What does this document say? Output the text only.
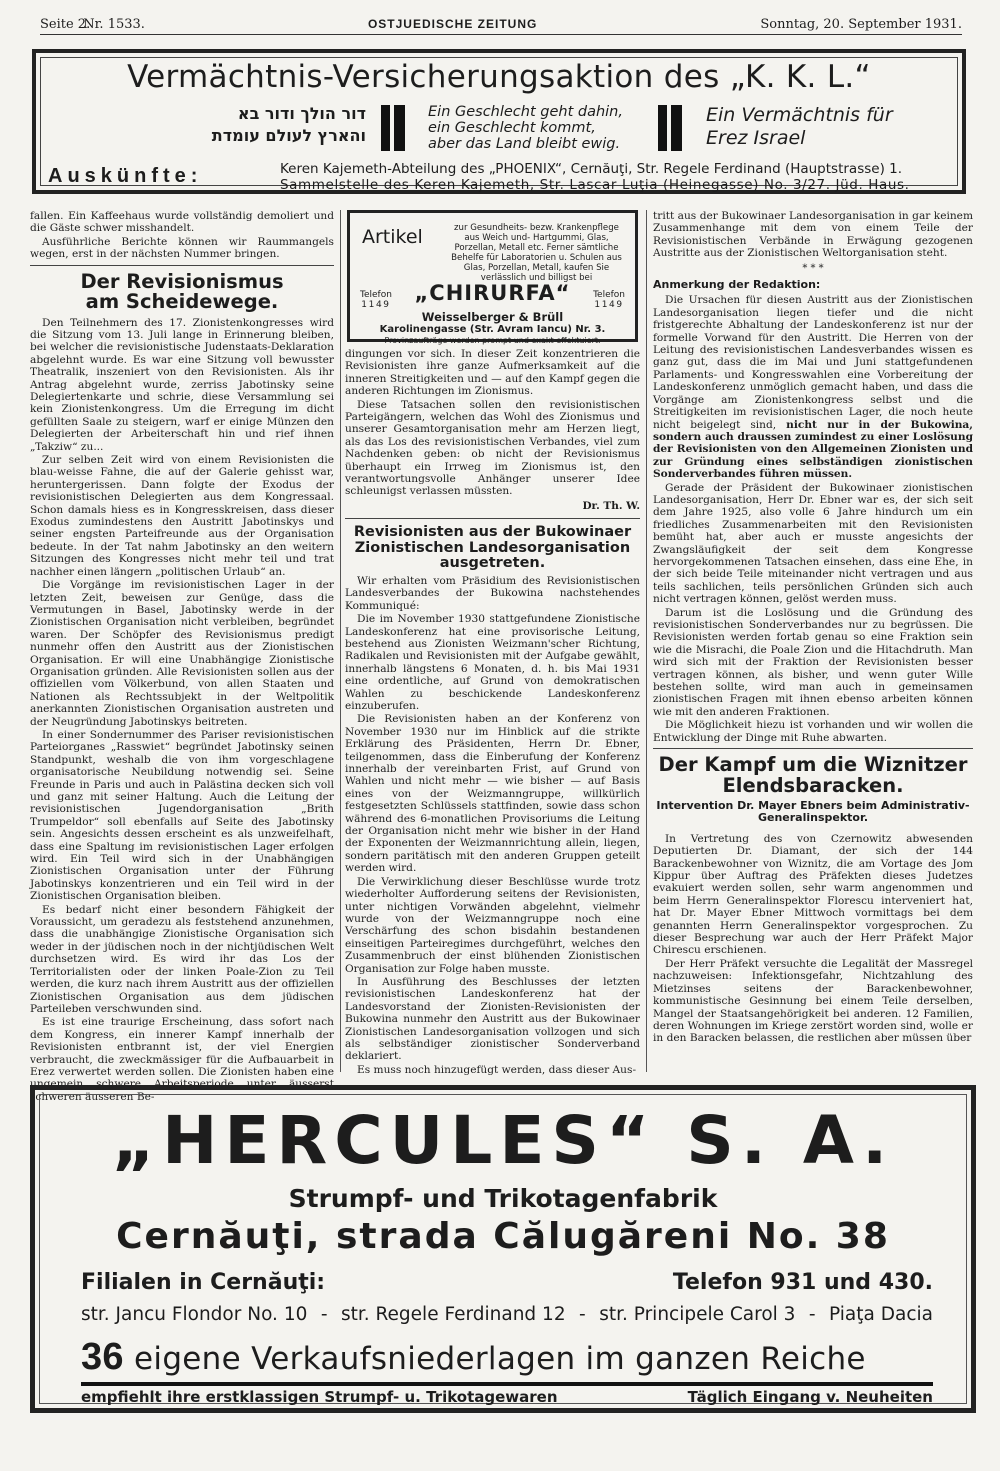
Seite 2.
Nr. 1533.	OSTJUEDISCHE ZEITUNG	Sonntag, 20. September 1931.
Vermächtnis-Versicherungsaktion des „K. K. L.“
דור הולך ודור בא
והארץ לעולם עומדת
Ein Geschlecht geht dahin,
ein Geschlecht kommt,
aber das Land bleibt ewig.
Ein Vermächtnis für
Erez Israel
Auskünfte:	Keren Kajemeth-Abteilung des „PHOENIX“, Cernăuţi, Str. Regele Ferdinand (Hauptstrasse) 1.
Sammelstelle des Keren Kajemeth, Str. Lascar Luţia (Heinegasse) No. 3/27. Jüd. Haus.

fallen. Ein Kaffeehaus wurde vollständig demoliert und die Gäste schwer misshandelt.

Ausführliche Berichte können wir Raummangels wegen, erst in der nächsten Nummer bringen.

Der Revisionismus
am Scheidewege.

Den Teilnehmern des 17. Zionistenkongresses wird die Sitzung vom 13. Juli lange in Erinnerung bleiben, bei welcher die revisionistische Judenstaats-Deklaration abgelehnt wurde. Es war eine Sitzung voll bewusster Theatralik, inszeniert von den Revisionisten. Als ihr Antrag abgelehnt wurde, zerriss Jabotinsky seine Delegiertenkarte und schrie, diese Versammlung sei kein Zionistenkongress. Um die Erregung im dicht gefüllten Saale zu steigern, warf er einige Münzen den Delegierten der Arbeiterschaft hin und rief ihnen „Takziw“ zu...

Zur selben Zeit wird von einem Revisionisten die blau-weisse Fahne, die auf der Galerie gehisst war, heruntergerissen. Dann folgte der Exodus der revisionistischen Delegierten aus dem Kongressaal. Schon damals hiess es in Kongresskreisen, dass dieser Exodus zumindestens den Austritt Jabotinskys und seiner engsten Parteifreunde aus der Organisation bedeute. In der Tat nahm Jabotinsky an den weitern Sitzungen des Kongresses nicht mehr teil und trat nachher einen längern „politischen Urlaub“ an.

Die Vorgänge im revisionistischen Lager in der letzten Zeit, beweisen zur Genüge, dass die Vermutungen in Basel, Jabotinsky werde in der Zionistischen Organisation nicht verbleiben, begründet waren. Der Schöpfer des Revisionismus predigt nunmehr offen den Austritt aus der Zionistischen Organisation. Er will eine Unabhängige Zionistische Organisation gründen. Alle Revisionisten sollen aus der offiziellen vom Völkerbund, von allen Staaten und Nationen als Rechtssubjekt in der Weltpolitik anerkannten Zionistischen Organisation austreten und der Neugründung Jabotinskys beitreten.

In einer Sondernummer des Pariser revisionistischen Parteiorganes „Rasswiet“ begründet Jabotinsky seinen Standpunkt, weshalb die von ihm vorgeschlagene organisatorische Neubildung notwendig sei. Seine Freunde in Paris und auch in Palästina decken sich voll und ganz mit seiner Haltung. Auch die Leitung der revisionistischen Jugendorganisation „Brith Trumpeldor“ soll ebenfalls auf Seite des Jabotinsky sein. Angesichts dessen erscheint es als unzweifelhaft, dass eine Spaltung im revisionistischen Lager erfolgen wird. Ein Teil wird sich in der Unabhängigen Zionistischen Organisation unter der Führung Jabotinskys konzentrieren und ein Teil wird in der Zionistischen Organisation bleiben.

Es bedarf nicht einer besondern Fähigkeit der Voraussicht, um geradezu als feststehend anzunehmen, dass die unabhängige Zionistische Organisation sich weder in der jüdischen noch in der nichtjüdischen Welt durchsetzen wird. Es wird ihr das Los der Territorialisten oder der linken Poale-Zion zu Teil werden, die kurz nach ihrem Austritt aus der offiziellen Zionistischen Organisation aus dem jüdischen Parteileben verschwunden sind.

Es ist eine traurige Erscheinung, dass sofort nach dem Kongress, ein innerer Kampf innerhalb der Revisionisten entbrannt ist, der viel Energien verbraucht, die zweckmässiger für die Aufbauarbeit in Erez verwertet werden sollen. Die Zionisten haben eine ungemein schwere Arbeitsperiode unter äusserst schweren äusseren Be-

Artikel	zur Gesundheits- bezw. Krankenpflege aus Weich und- Hartgummi, Glas, Porzellan, Metall etc. Ferner sämtliche Behelfe für Laboratorien u. Schulen aus Glas, Porzellan, Metall, kaufen Sie verlässlich und billigst bei
Telefon
1149 „CHIRURFA“	Telefon
1149
Weisselberger & Brüll
Karolinengasse (Str. Avram Iancu) Nr. 3.
Provinzaufträge werden prompt und exakt effektuiert.

dingungen vor sich. In dieser Zeit konzentrieren die Revisionisten ihre ganze Aufmerksamkeit auf die inneren Streitigkeiten und — auf den Kampf gegen die anderen Richtungen im Zionismus.

Diese Tatsachen sollen den revisionistischen Parteigängern, welchen das Wohl des Zionismus und unserer Gesamtorganisation mehr am Herzen liegt, als das Los des revisionistischen Verbandes, viel zum Nachdenken geben: ob nicht der Revisionismus überhaupt ein Irrweg im Zionismus ist, den verantwortungsvolle Anhänger unserer Idee schleunigst verlassen müssten.

Dr. Th. W.
Revisionisten aus der Bukowinaer Zionistischen Landesorganisation ausgetreten.

Wir erhalten vom Präsidium des Revisionistischen Landesverbandes der Bukowina nachstehendes Kommuniqué:

Die im November 1930 stattgefundene Zionistische Landeskonferenz hat eine provisorische Leitung, bestehend aus Zionisten Weizmann'scher Richtung, Radikalen und Revisionisten mit der Aufgabe gewählt, innerhalb längstens 6 Monaten, d. h. bis Mai 1931 eine ordentliche, auf Grund von demokratischen Wahlen zu beschickende Landeskonferenz einzuberufen.

Die Revisionisten haben an der Konferenz von November 1930 nur im Hinblick auf die strikte Erklärung des Präsidenten, Herrn Dr. Ebner, teilgenommen, dass die Einberufung der Konferenz innerhalb der vereinbarten Frist, auf Grund von Wahlen und nicht mehr — wie bisher — auf Basis eines von der Weizmanngruppe, willkürlich festgesetzten Schlüssels stattfinden, sowie dass schon während des 6-monatlichen Provisoriums die Leitung der Organisation nicht mehr wie bisher in der Hand der Exponenten der Weizmannrichtung allein, liegen, sondern paritätisch mit den anderen Gruppen geteilt werden wird.

Die Verwirklichung dieser Beschlüsse wurde trotz wiederholter Aufforderung seitens der Revisionisten, unter nichtigen Vorwänden abgelehnt, vielmehr wurde von der Weizmanngruppe noch eine Verschärfung des schon bisdahin bestandenen einseitigen Parteiregimes durchgeführt, welches den Zusammenbruch der einst blühenden Zionistischen Organisation zur Folge haben musste.

In Ausführung des Beschlusses der letzten revisionistischen Landeskonferenz hat der Landesvorstand der Zionisten-Revisionisten der Bukowina nunmehr den Austritt aus der Bukowinaer Zionistischen Landesorganisation vollzogen und sich als selbständiger zionistischer Sonderverband deklariert.

Es muss noch hinzugefügt werden, dass dieser Aus-

tritt aus der Bukowinaer Landesorganisation in gar keinem Zusammenhange mit dem von einem Teile der Revisionistischen Verbände in Erwägung gezogenen Austritte aus der Zionistischen Weltorganisation steht.

* * *
Anmerkung der Redaktion:

Die Ursachen für diesen Austritt aus der Zionistischen Landesorganisation liegen tiefer und die nicht fristgerechte Abhaltung der Landeskonferenz ist nur der formelle Vorwand für den Austritt. Die Herren von der Leitung des revisionistischen Landesverbandes wissen es ganz gut, dass die im Mai und Juni stattgefundenen Parlaments- und Kongresswahlen eine Vorbereitung der Landeskonferenz unmöglich gemacht haben, und dass die Vorgänge am Zionistenkongress selbst und die Streitigkeiten im revisionistischen Lager, die noch heute nicht beigelegt sind, nicht nur in der Bukowina, sondern auch draussen zumindest zu einer Loslösung der Revisionisten von den Allgemeinen Zionisten und zur Gründung eines selbständigen zionistischen Sonderverbandes führen müssen.

Gerade der Präsident der Bukowinaer zionistischen Landesorganisation, Herr Dr. Ebner war es, der sich seit dem Jahre 1925, also volle 6 Jahre hindurch um ein friedliches Zusammenarbeiten mit den Revisionisten bemüht hat, aber auch er musste angesichts der Zwangsläufigkeit der seit dem Kongresse hervorgekommenen Tatsachen einsehen, dass eine Ehe, in der sich beide Teile miteinander nicht vertragen und aus teils sachlichen, teils persönlichen Gründen sich auch nicht vertragen können, gelöst werden muss.

Darum ist die Loslösung und die Gründung des revisionistischen Sonderverbandes nur zu begrüssen. Die Revisionisten werden fortab genau so eine Fraktion sein wie die Misrachi, die Poale Zion und die Hitachdruth. Man wird sich mit der Fraktion der Revisionisten besser vertragen können, als bisher, und wenn guter Wille bestehen sollte, wird man auch in gemeinsamen zionistischen Fragen mit ihnen ebenso arbeiten können wie mit den anderen Fraktionen.

Die Möglichkeit hiezu ist vorhanden und wir wollen die Entwicklung der Dinge mit Ruhe abwarten.

Der Kampf um die Wiznitzer Elendsbaracken.
Intervention Dr. Mayer Ebners beim Administrativ-Generalinspektor.

In Vertretung des von Czernowitz abwesenden Deputierten Dr. Diamant, der sich der 144 Barackenbewohner von Wiznitz, die am Vortage des Jom Kippur über Auftrag des Präfekten dieses Judetzes evakuiert werden sollen, sehr warm angenommen und beim Herrn Generalinspektor Florescu interveniert hat, hat Dr. Mayer Ebner Mittwoch vormittags bei dem genannten Herrn Generalinspektor vorgesprochen. Zu dieser Besprechung war auch der Herr Präfekt Major Chirescu erschienen.

Der Herr Präfekt versuchte die Legalität der Massregel nachzuweisen: Infektionsgefahr, Nichtzahlung des Mietzinses seitens der Barackenbewohner, kommunistische Gesinnung bei einem Teile derselben, Mangel der Staatsangehörigkeit bei anderen. 12 Familien, deren Wohnungen im Kriege zerstört worden sind, wolle er in den Baracken belassen, die restlichen aber müssen über

„HERCULES“ S. A.
Strumpf- und Trikotagenfabrik
Cernăuţi, strada Călugăreni No. 38
Filialen in Cernăuţi:	Telefon 931 und 430.
str. Jancu Flondor No. 10 - str. Regele Ferdinand 12 - str. Principele Carol 3 - Piaţa Dacia
36 eigene Verkaufsniederlagen im ganzen Reiche
empfiehlt ihre erstklassigen Strumpf- u. Trikotagewaren	Täglich Eingang v. Neuheiten
